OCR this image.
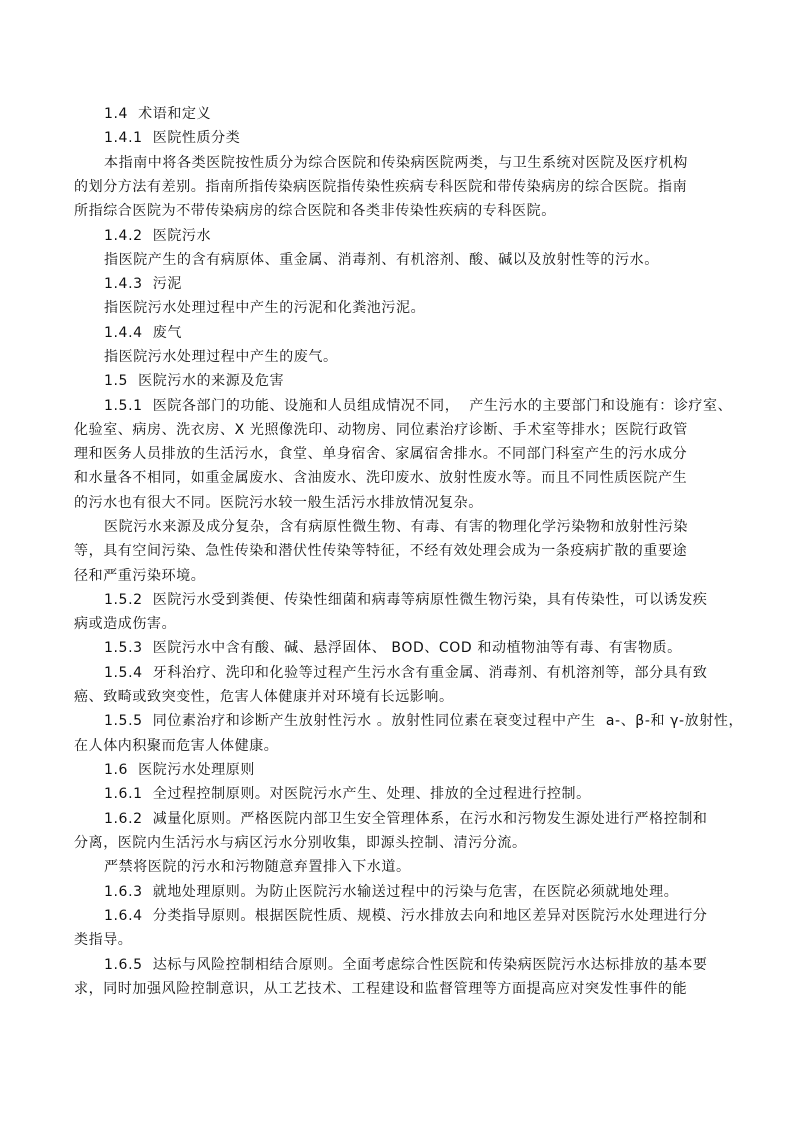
1.4  术语和定义
1.4.1  医院性质分类
本指南中将各类医院按性质分为综合医院和传染病医院两类，与卫生系统对医院及医疗机构
的划分方法有差别。指南所指传染病医院指传染性疾病专科医院和带传染病房的综合医院。指南
所指综合医院为不带传染病房的综合医院和各类非传染性疾病的专科医院。
1.4.2  医院污水
指医院产生的含有病原体、重金属、消毒剂、有机溶剂、酸、碱以及放射性等的污水。
1.4.3  污泥
指医院污水处理过程中产生的污泥和化粪池污泥。
1.4.4  废气
指医院污水处理过程中产生的废气。
1.5  医院污水的来源及危害
1.5.1  医院各部门的功能、设施和人员组成情况不同，  产生污水的主要部门和设施有：诊疗室、
化验室、病房、洗衣房、X 光照像洗印、动物房、同位素治疗诊断、手术室等排水；医院行政管
理和医务人员排放的生活污水，食堂、单身宿舍、家属宿舍排水。不同部门科室产生的污水成分
和水量各不相同，如重金属废水、含油废水、洗印废水、放射性废水等。而且不同性质医院产生
的污水也有很大不同。医院污水较一般生活污水排放情况复杂。
医院污水来源及成分复杂，含有病原性微生物、有毒、有害的物理化学污染物和放射性污染
等，具有空间污染、急性传染和潜伏性传染等特征，不经有效处理会成为一条疫病扩散的重要途
径和严重污染环境。
1.5.2  医院污水受到粪便、传染性细菌和病毒等病原性微生物污染，具有传染性，可以诱发疾
病或造成伤害。
1.5.3  医院污水中含有酸、碱、悬浮固体、 BOD、COD 和动植物油等有毒、有害物质。
1.5.4  牙科治疗、洗印和化验等过程产生污水含有重金属、消毒剂、有机溶剂等，部分具有致
癌、致畸或致突变性，危害人体健康并对环境有长远影响。
1.5.5  同位素治疗和诊断产生放射性污水 。放射性同位素在衰变过程中产生  a-、β-和 γ-放射性，
在人体内积聚而危害人体健康。
1.6  医院污水处理原则
1.6.1  全过程控制原则。对医院污水产生、处理、排放的全过程进行控制。
1.6.2  减量化原则。严格医院内部卫生安全管理体系，在污水和污物发生源处进行严格控制和
分离，医院内生活污水与病区污水分别收集，即源头控制、清污分流。
严禁将医院的污水和污物随意弃置排入下水道。
1.6.3  就地处理原则。为防止医院污水输送过程中的污染与危害，在医院必须就地处理。
1.6.4  分类指导原则。根据医院性质、规模、污水排放去向和地区差异对医院污水处理进行分
类指导。
1.6.5  达标与风险控制相结合原则。全面考虑综合性医院和传染病医院污水达标排放的基本要
求，同时加强风险控制意识，从工艺技术、工程建设和监督管理等方面提高应对突发性事件的能
